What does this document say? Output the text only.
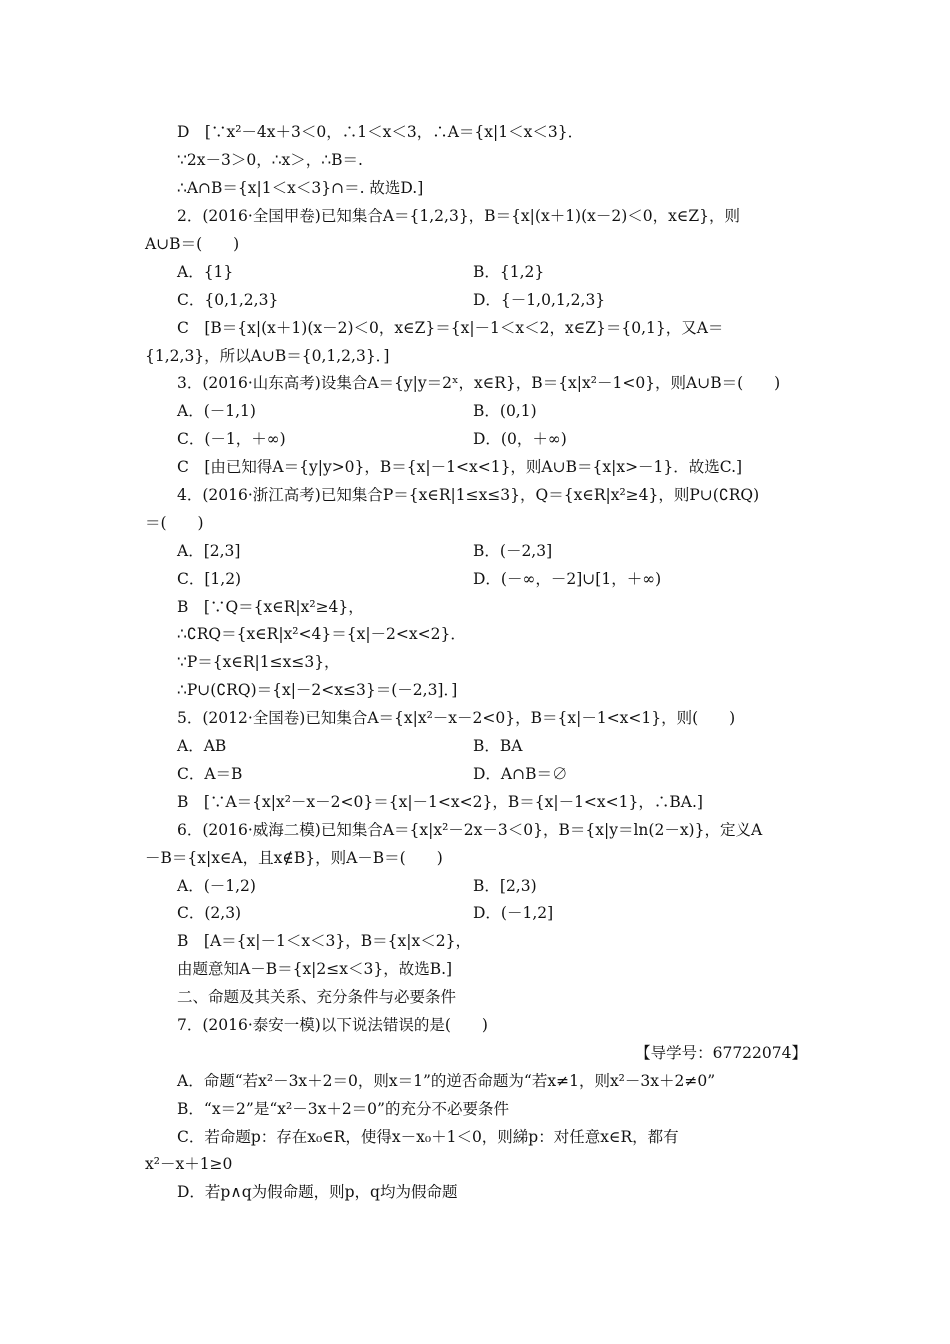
D　[∵x²－4x＋3＜0，∴1＜x＜3，∴A＝{x|1＜x＜3}．
∵2x－3＞0，∴x＞，∴B＝.
∴A∩B＝{x|1＜x＜3}∩＝. 故选D.]
2．(2016·全国甲卷)已知集合A＝{1,2,3}，B＝{x|(x＋1)(x－2)＜0，x∈Z}，则
A∪B＝(　　)
A．{1}	B．{1,2}
C．{0,1,2,3}	D．{－1,0,1,2,3}
C　[B＝{x|(x＋1)(x－2)＜0，x∈Z}＝{x|－1＜x＜2，x∈Z}＝{0,1}，又A＝
{1,2,3}，所以A∪B＝{0,1,2,3}．]
3．(2016·山东高考)设集合A＝{y|y＝2ˣ，x∈R}，B＝{x|x²－1<0}，则A∪B＝(　　)
A．(－1,1)	B．(0,1)
C．(－1，＋∞)	D．(0，＋∞)
C　[由已知得A＝{y|y>0}，B＝{x|－1<x<1}，则A∪B＝{x|x>－1}．故选C.]
4．(2016·浙江高考)已知集合P＝{x∈R|1≤x≤3}，Q＝{x∈R|x²≥4}，则P∪(∁RQ)
＝(　　)
A．[2,3]	B．(－2,3]
C．[1,2)	D．(－∞，－2]∪[1，＋∞)
B　[∵Q＝{x∈R|x²≥4}，
∴∁RQ＝{x∈R|x²<4}＝{x|－2<x<2}．
∵P＝{x∈R|1≤x≤3}，
∴P∪(∁RQ)＝{x|－2<x≤3}＝(－2,3]．]
5．(2012·全国卷)已知集合A＝{x|x²－x－2<0}，B＝{x|－1<x<1}，则(　　)
A．AB	B．BA
C．A＝B	D．A∩B＝∅
B　[∵A＝{x|x²－x－2<0}＝{x|－1<x<2}，B＝{x|－1<x<1}，∴BA.]
6．(2016·威海二模)已知集合A＝{x|x²－2x－3＜0}，B＝{x|y＝ln(2－x)}，定义A
－B＝{x|x∈A，且x∉B}，则A－B＝(　　)
A．(－1,2)	B．[2,3)
C．(2,3)	D．(－1,2]
B　[A＝{x|－1＜x＜3}，B＝{x|x＜2}，
由题意知A－B＝{x|2≤x＜3}，故选B.]
二、命题及其关系、充分条件与必要条件
7．(2016·泰安一模)以下说法错误的是(　　)
【导学号：67722074】
A．命题“若x²－3x＋2＝0，则x＝1”的逆否命题为“若x≠1，则x²－3x＋2≠0”
B．“x＝2”是“x²－3x＋2＝0”的充分不必要条件
C．若命题p：存在x₀∈R，使得x－x₀＋1＜0，则綈p：对任意x∈R，都有
x²－x＋1≥0
D．若p∧q为假命题，则p，q均为假命题
